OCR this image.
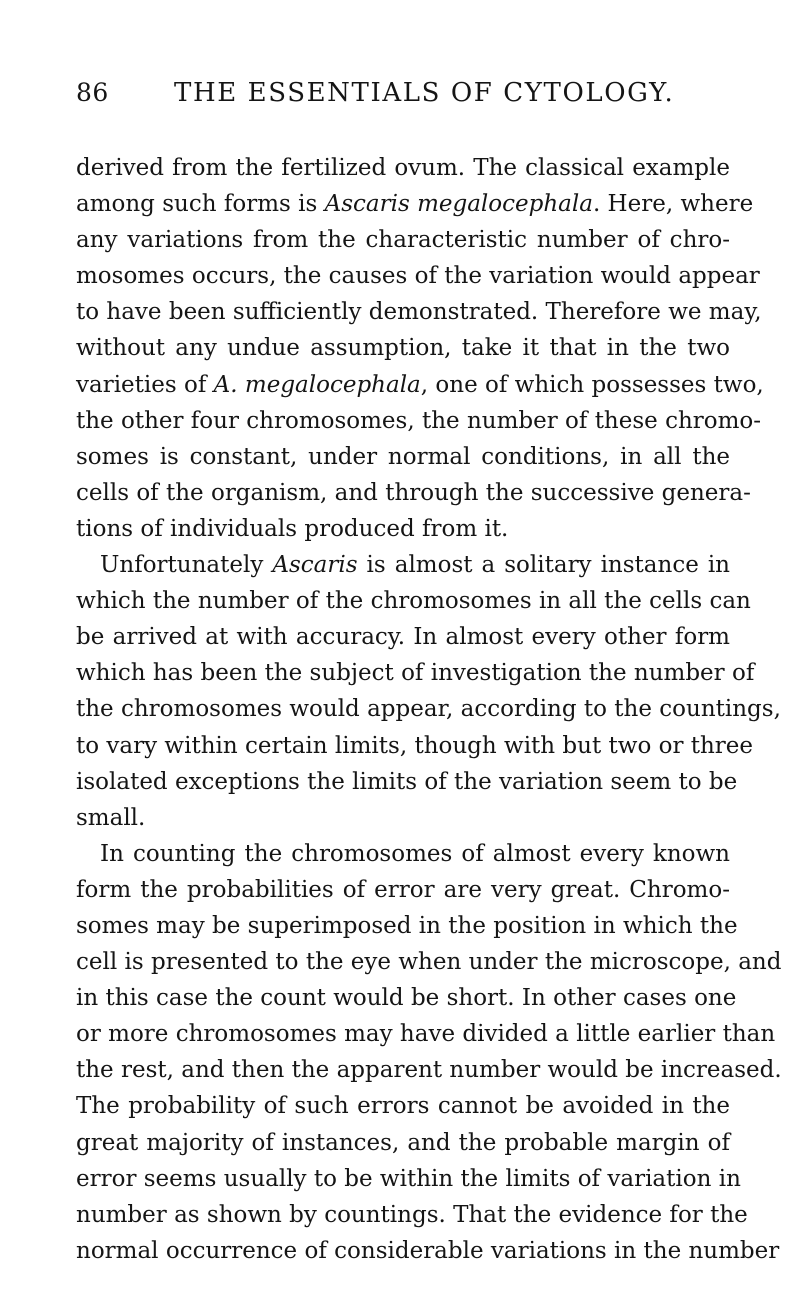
86	THE ESSENTIALS OF CYTOLOGY.
derived from the fertilized ovum. The classical example
among such forms is Ascaris megalocephala. Here, where
any variations from the characteristic number of chro-
mosomes occurs, the causes of the variation would appear
to have been sufficiently demonstrated. Therefore we may,
without any undue assumption, take it that in the two
varieties of A. megalocephala, one of which possesses two,
the other four chromosomes, the number of these chromo-
somes is constant, under normal conditions, in all the
cells of the organism, and through the successive genera-
tions of individuals produced from it.
Unfortunately Ascaris is almost a solitary instance in
which the number of the chromosomes in all the cells can
be arrived at with accuracy. In almost every other form
which has been the subject of investigation the number of
the chromosomes would appear, according to the countings,
to vary within certain limits, though with but two or three
isolated exceptions the limits of the variation seem to be
small.
In counting the chromosomes of almost every known
form the probabilities of error are very great. Chromo-
somes may be superimposed in the position in which the
cell is presented to the eye when under the microscope, and
in this case the count would be short. In other cases one
or more chromosomes may have divided a little earlier than
the rest, and then the apparent number would be increased.
The probability of such errors cannot be avoided in the
great majority of instances, and the probable margin of
error seems usually to be within the limits of variation in
number as shown by countings. That the evidence for the
normal occurrence of considerable variations in the number
